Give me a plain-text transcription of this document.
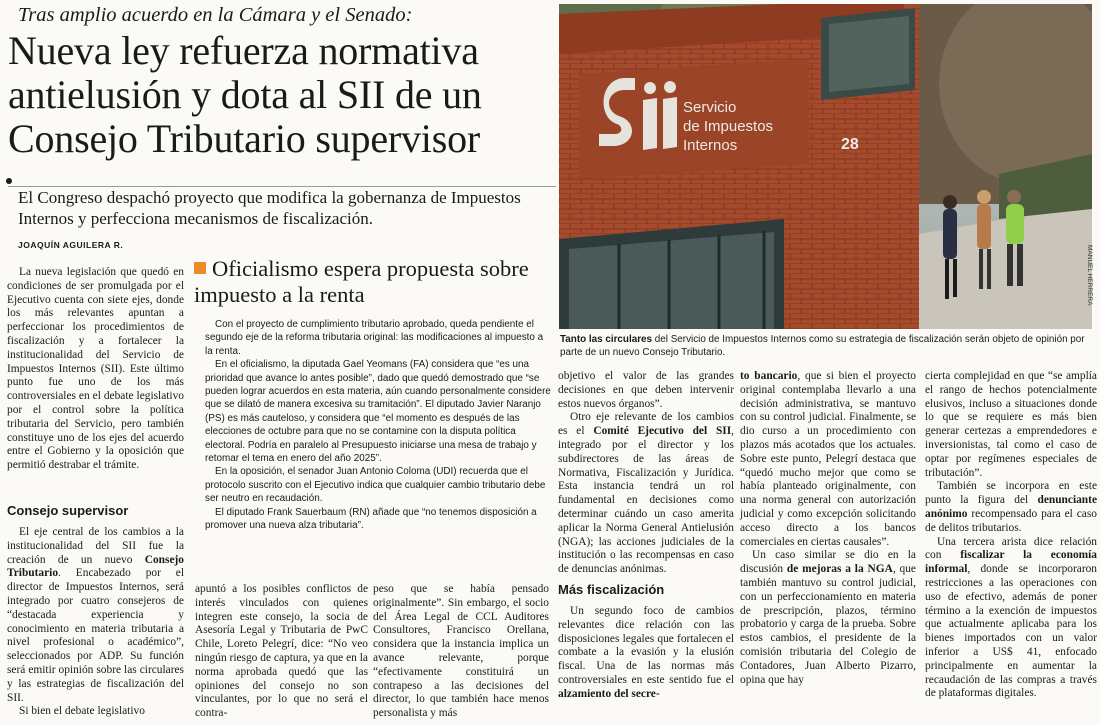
Tras amplio acuerdo en la Cámara y el Senado:
Nueva ley refuerza normativa antielusión y dota al SII de un Consejo Tributario supervisor
El Congreso despachó proyecto que modifica la gobernanza de Impuestos Internos y perfecciona mecanismos de fiscalización.
JOAQUÍN AGUILERA R.

La nueva legislación que quedó en condiciones de ser promulgada por el Ejecutivo cuenta con siete ejes, donde los más relevantes apuntan a perfeccionar los procedimientos de fiscalización y a fortalecer la institucionalidad del Servicio de Impuestos Internos (SII). Este último punto fue uno de los más controversiales en el debate legislativo por el control sobre la política tributaria del Servicio, pero también constituye uno de los ejes del acuerdo entre el Gobierno y la oposición que permitió destrabar el trámite.

Consejo supervisor

El eje central de los cambios a la institucionalidad del SII fue la creación de un nuevo Consejo Tributario. Encabezado por el director de Impuestos Internos, será integrado por cuatro consejeros de “destacada experiencia y conocimiento en materia tributaria a nivel profesional o académico”, seleccionados por ADP. Su función será emitir opinión sobre las circulares y las estrategias de fiscalización del SII.

Si bien el debate legislativo

Oficialismo espera propuesta sobre impuesto a la renta

Con el proyecto de cumplimiento tributario aprobado, queda pendiente el segundo eje de la reforma tributaria original: las modificaciones al impuesto a la renta.

En el oficialismo, la diputada Gael Yeomans (FA) considera que “es una prioridad que avance lo antes posible”, dado que quedó demostrado que “se pueden lograr acuerdos en esta materia, aún cuando personalmente considere que se dilató de manera excesiva su tramitación”. El diputado Javier Naranjo (PS) es más cauteloso, y considera que “el momento es después de las elecciones de octubre para que no se contamine con la disputa política electoral. Podría en paralelo al Presupuesto iniciarse una mesa de trabajo y retomar el tema en enero del año 2025”.

En la oposición, el senador Juan Antonio Coloma (UDI) recuerda que el protocolo suscrito con el Ejecutivo indica que cualquier cambio tributario debe ser neutro en recaudación.

El diputado Frank Sauerbaum (RN) añade que “no tenemos disposición a promover una nueva alza tributaria”.

apuntó a los posibles conflictos de interés vinculados con quienes integren este consejo, la socia de Asesoría Legal y Tributaria de PwC Chile, Loreto Pelegrí, dice: “No veo ningún riesgo de captura, ya que en la norma aprobada quedó que las opiniones del consejo no son vinculantes, por lo que no será el contra-

peso que se había pensado originalmente”. Sin embargo, el socio del Área Legal de CCL Auditores Consultores, Francisco Orellana, considera que la instancia implica un avance relevante, porque “efectivamente constituirá un contrapeso a las decisiones del director, lo que también hace menos personalista y más

Servicio
de Impuestos
Internos	28
MANUEL HERRERA
Tanto las circulares del Servicio de Impuestos Internos como su estrategia de fiscalización serán objeto de opinión por parte de un nuevo Consejo Tributario.

objetivo el valor de las grandes decisiones en que deben intervenir estos nuevos órganos”.

Otro eje relevante de los cambios es el Comité Ejecutivo del SII, integrado por el director y los subdirectores de las áreas de Normativa, Fiscalización y Jurídica. Esta instancia tendrá un rol fundamental en decisiones como determinar cuándo un caso amerita aplicar la Norma General Antielusión (NGA); las acciones judiciales de la institución o las recompensas en caso de denuncias anónimas.

Más fiscalización

Un segundo foco de cambios relevantes dice relación con las disposiciones legales que fortalecen el combate a la evasión y la elusión fiscal. Una de las normas más controversiales en este sentido fue el alzamiento del secre-

to bancario, que si bien el proyecto original contemplaba llevarlo a una decisión administrativa, se mantuvo con su control judicial. Finalmente, se dio curso a un procedimiento con plazos más acotados que los actuales. Sobre este punto, Pelegrí destaca que “quedó mucho mejor que como se había planteado originalmente, con una norma general con autorización judicial y como excepción solicitando acceso directo a los bancos comerciales en ciertas causales”.

Un caso similar se dio en la discusión de mejoras a la NGA, que también mantuvo su control judicial, con un perfeccionamiento en materia de prescripción, plazos, término probatorio y carga de la prueba. Sobre estos cambios, el presidente de la comisión tributaria del Colegio de Contadores, Juan Alberto Pizarro, opina que hay

cierta complejidad en que “se amplía el rango de hechos potencialmente elusivos, incluso a situaciones donde lo que se requiere es más bien generar certezas a emprendedores e inversionistas, tal como el caso de optar por regímenes especiales de tributación”.

También se incorpora en este punto la figura del denunciante anónimo recompensado para el caso de delitos tributarios.

Una tercera arista dice relación con fiscalizar la economía informal, donde se incorporaron restricciones a las operaciones con uso de efectivo, además de poner término a la exención de impuestos que actualmente aplicaba para los bienes importados con un valor inferior a US$ 41, enfocado principalmente en aumentar la recaudación de las compras a través de plataformas digitales.
